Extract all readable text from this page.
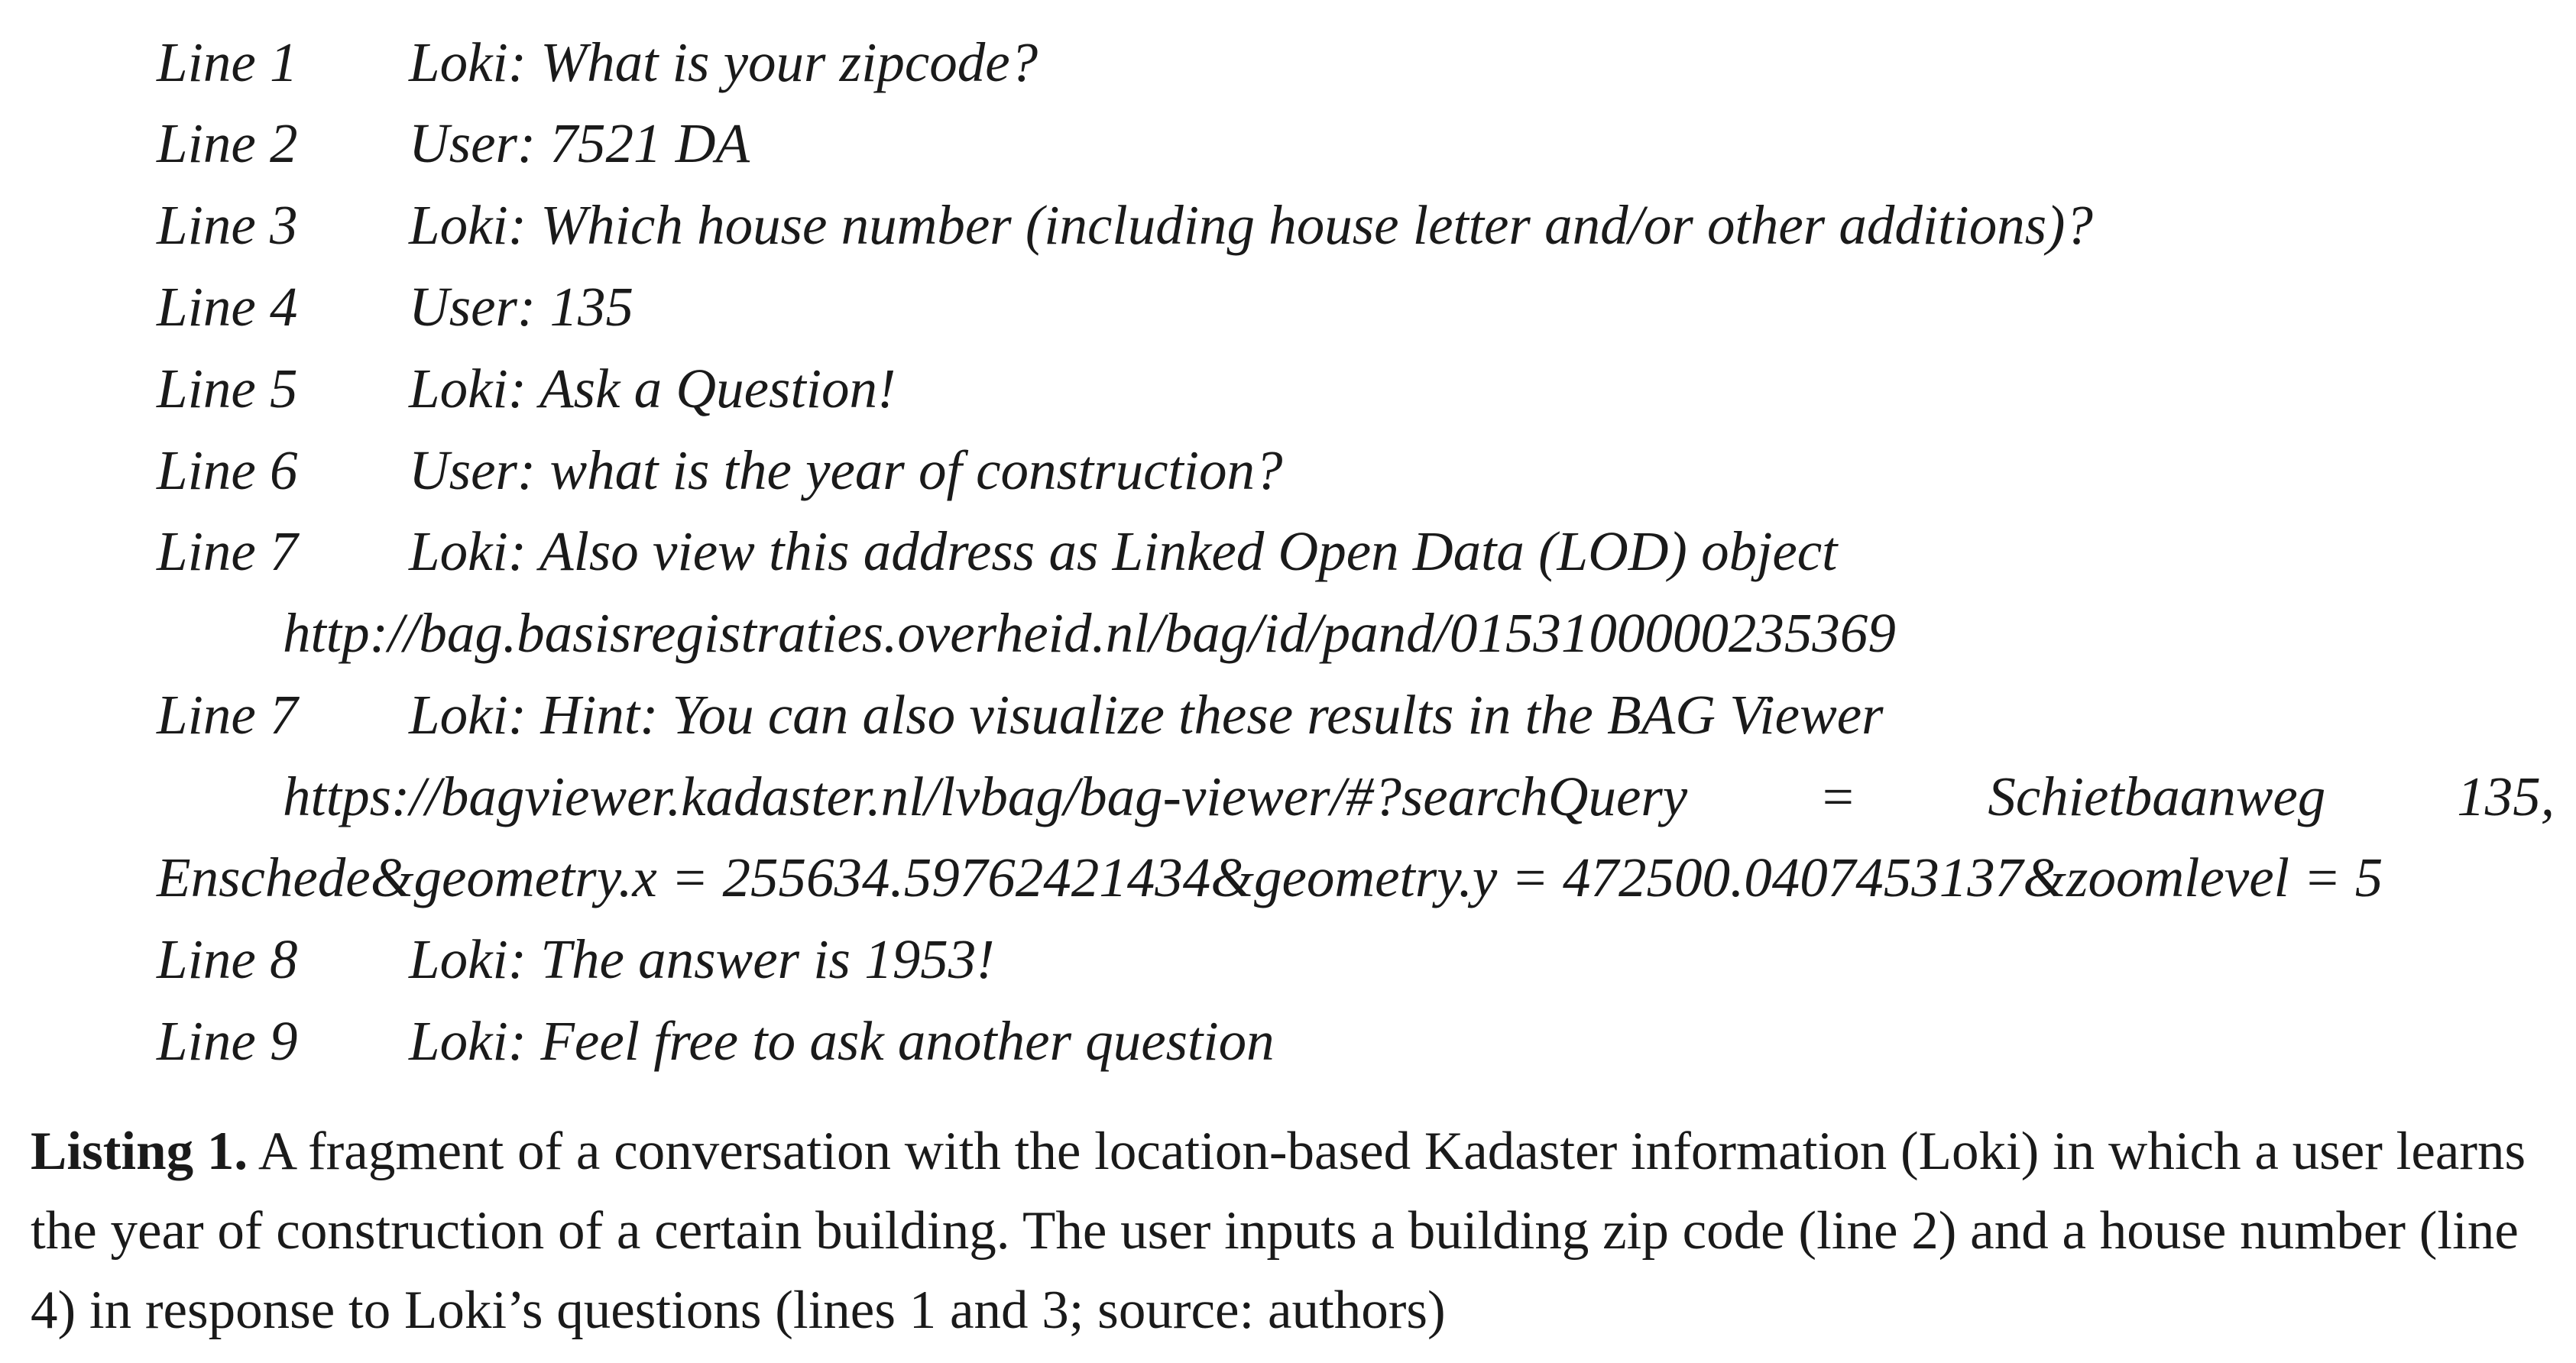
Line 1 Loki: What is your zipcode?
Line 2 User: 7521 DA
Line 3 Loki: Which house number (including house letter and/or other additions)?
Line 4 User: 135
Line 5 Loki: Ask a Question!
Line 6 User: what is the year of construction?
Line 7 Loki: Also view this address as Linked Open Data (LOD) object
http://bag.basisregistraties.overheid.nl/bag/id/pand/0153100000235369
Line 7 Loki: Hint: You can also visualize these results in the BAG Viewer
https://bagviewer.kadaster.nl/lvbag/bag-viewer/#?searchQuery = Schietbaanweg 135,
Enschede&geometry.x = 255634.59762421434&geometry.y = 472500.0407453137&zoomlevel = 5
Line 8 Loki: The answer is 1953!
Line 9 Loki: Feel free to ask another question
Listing 1. A fragment of a conversation with the location-based Kadaster information (Loki) in which a user learns the year of construction of a certain building. The user inputs a building zip code (line 2) and a house number (line 4) in response to Loki’s questions (lines 1 and 3; source: authors)
